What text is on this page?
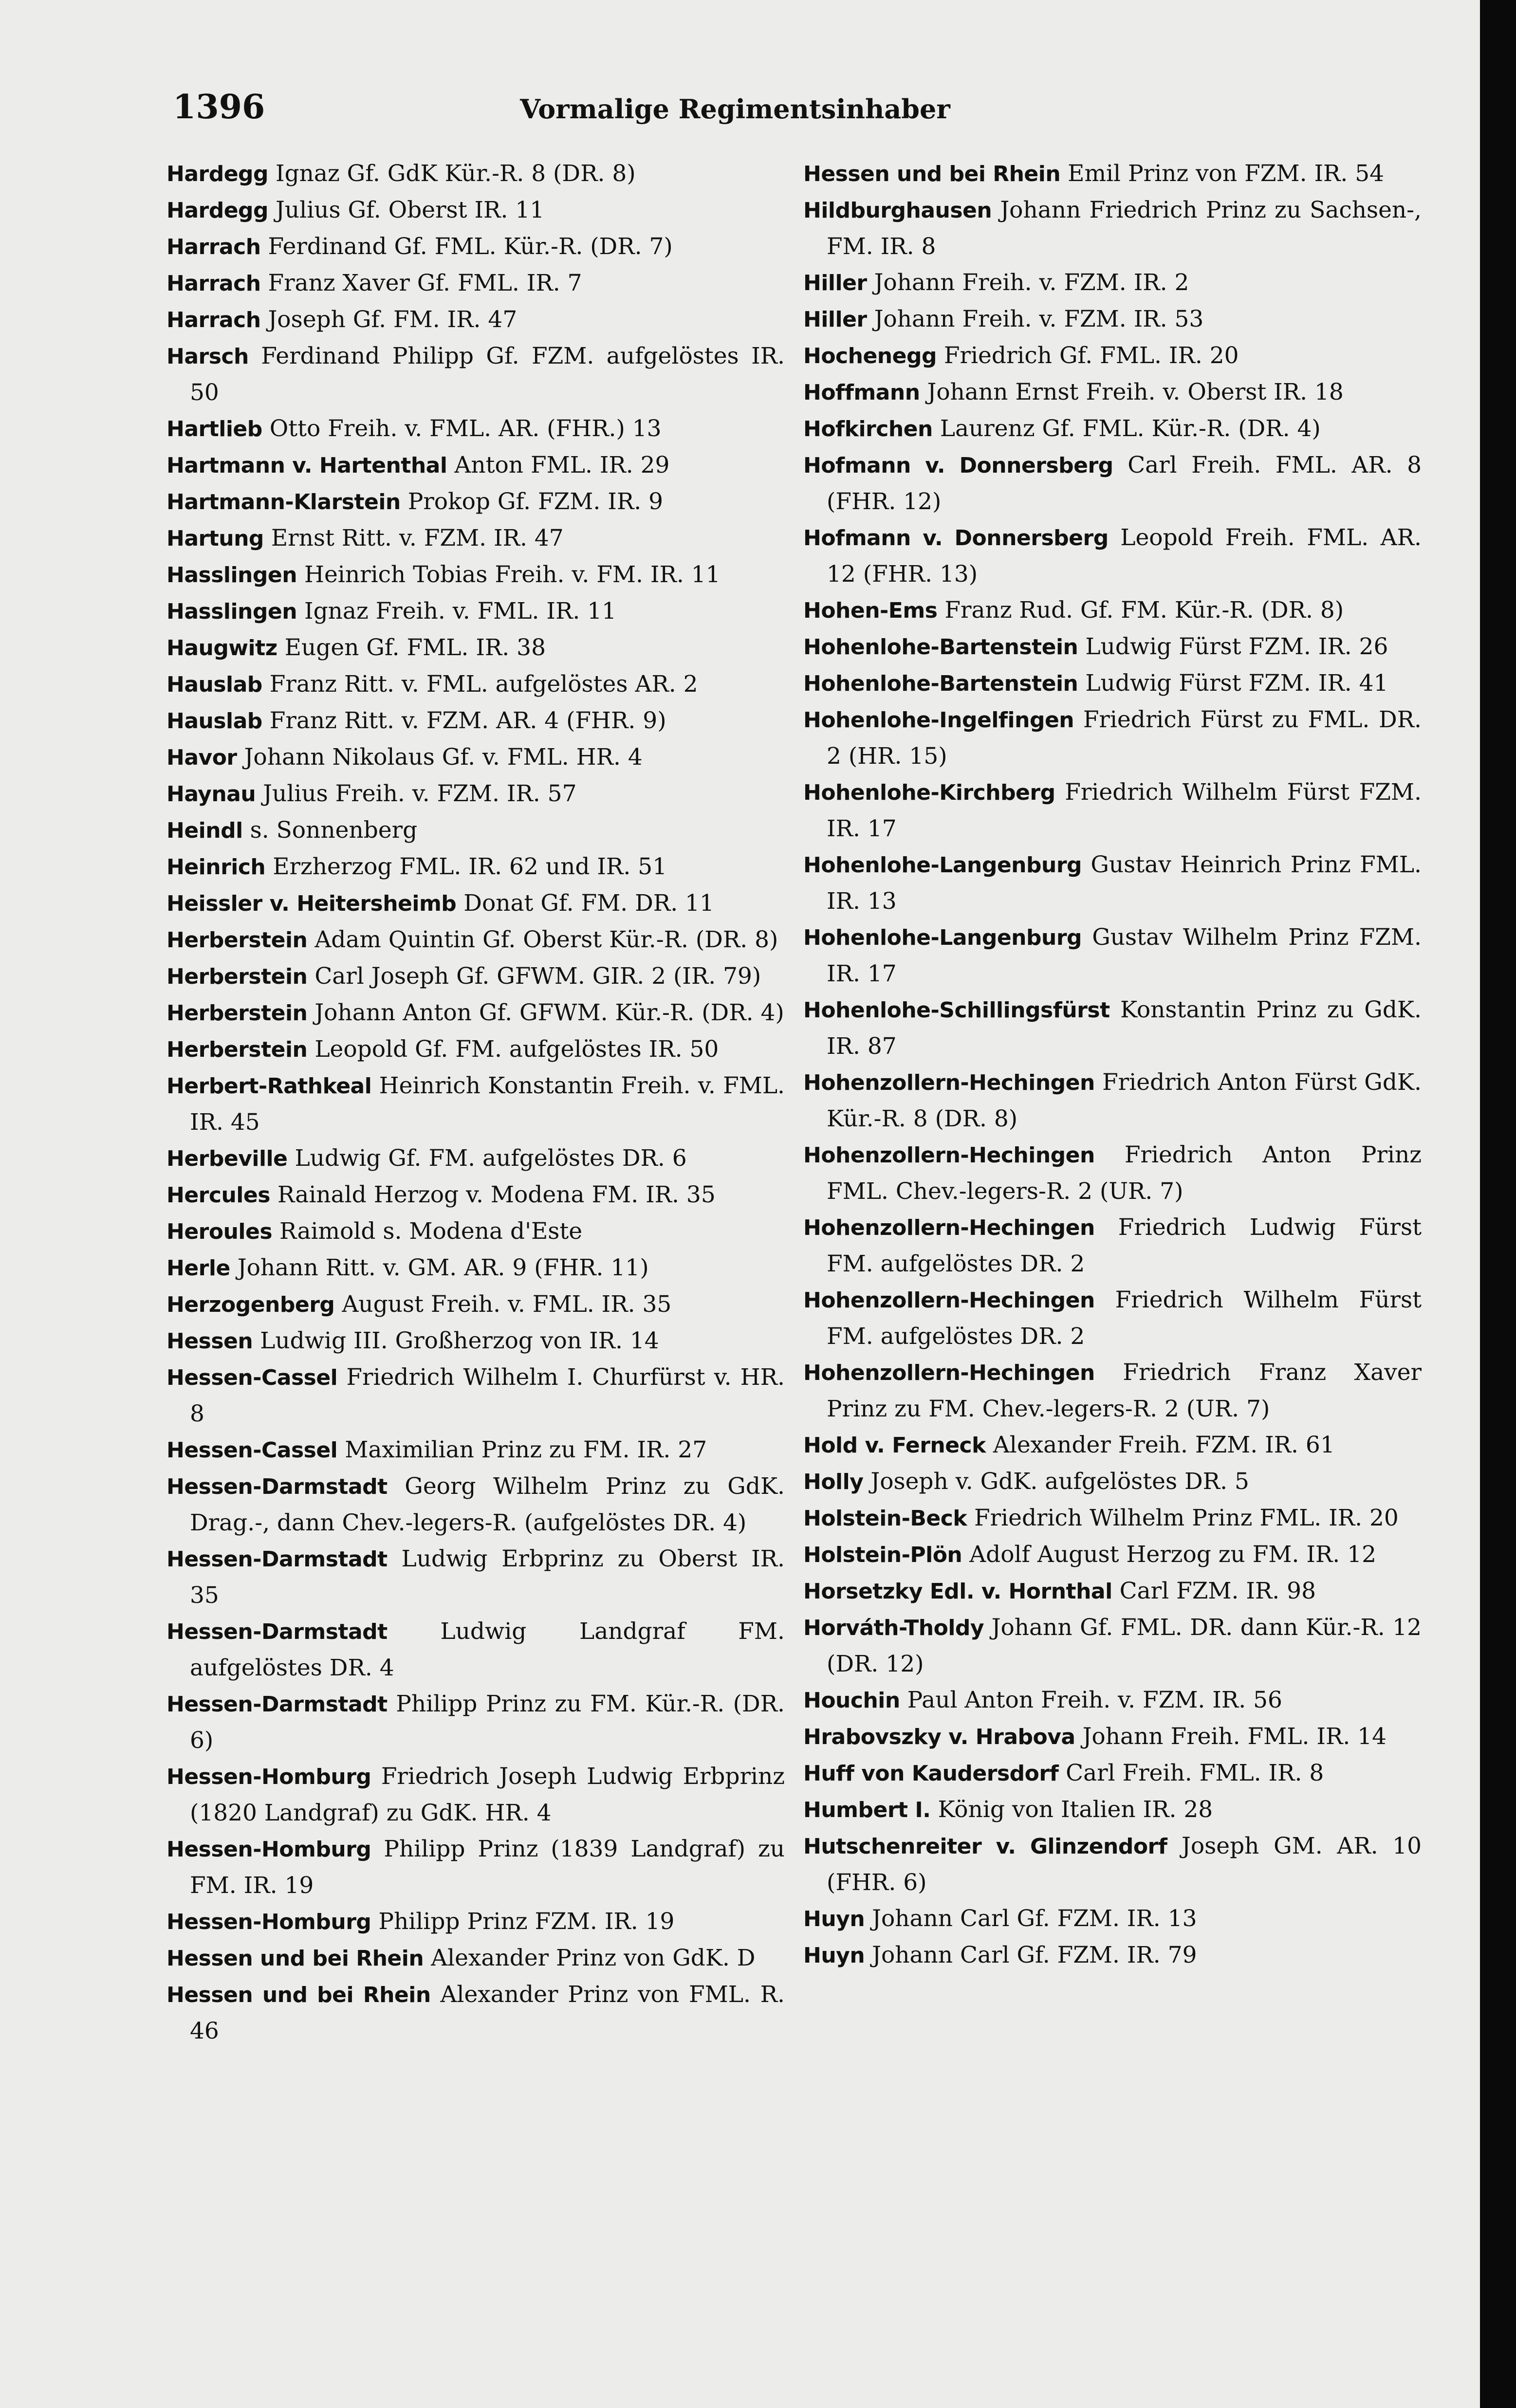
1396	Vormalige Regimentsinhaber
Hardegg Ignaz Gf. GdK Kür.-R. 8 (DR. 8)
Hardegg Julius Gf. Oberst IR. 11
Harrach Ferdinand Gf. FML. Kür.-R. (DR. 7)
Harrach Franz Xaver Gf. FML. IR. 7
Harrach Joseph Gf. FM. IR. 47
Harsch Ferdinand Philipp Gf. FZM. aufgelöstes IR. 50
Hartlieb Otto Freih. v. FML. AR. (FHR.) 13
Hartmann v. Hartenthal Anton FML. IR. 29
Hartmann-Klarstein Prokop Gf. FZM. IR. 9
Hartung Ernst Ritt. v. FZM. IR. 47
Hasslingen Heinrich Tobias Freih. v. FM. IR. 11
Hasslingen Ignaz Freih. v. FML. IR. 11
Haugwitz Eugen Gf. FML. IR. 38
Hauslab Franz Ritt. v. FML. aufgelöstes AR. 2
Hauslab Franz Ritt. v. FZM. AR. 4 (FHR. 9)
Havor Johann Nikolaus Gf. v. FML. HR. 4
Haynau Julius Freih. v. FZM. IR. 57
Heindl s. Sonnenberg
Heinrich Erzherzog FML. IR. 62 und IR. 51
Heissler v. Heitersheimb Donat Gf. FM. DR. 11
Herberstein Adam Quintin Gf. Oberst Kür.-R. (DR. 8)
Herberstein Carl Joseph Gf. GFWM. GIR. 2 (IR. 79)
Herberstein Johann Anton Gf. GFWM. Kür.-R. (DR. 4)
Herberstein Leopold Gf. FM. aufgelöstes IR. 50
Herbert-Rathkeal Heinrich Konstantin Freih. v. FML. IR. 45
Herbeville Ludwig Gf. FM. aufgelöstes DR. 6
Hercules Rainald Herzog v. Modena FM. IR. 35
Heroules Raimold s. Modena d'Este
Herle Johann Ritt. v. GM. AR. 9 (FHR. 11)
Herzogenberg August Freih. v. FML. IR. 35
Hessen Ludwig III. Großherzog von IR. 14
Hessen-Cassel Friedrich Wilhelm I. Churfürst v. HR. 8
Hessen-Cassel Maximilian Prinz zu FM. IR. 27
Hessen-Darmstadt Georg Wilhelm Prinz zu GdK. Drag.-, dann Chev.-legers-R. (aufgelöstes DR. 4)
Hessen-Darmstadt Ludwig Erbprinz zu Oberst IR. 35
Hessen-Darmstadt Ludwig Landgraf FM. aufgelöstes DR. 4
Hessen-Darmstadt Philipp Prinz zu FM. Kür.-R. (DR. 6)
Hessen-Homburg Friedrich Joseph Ludwig Erbprinz (1820 Landgraf) zu GdK. HR. 4
Hessen-Homburg Philipp Prinz (1839 Landgraf) zu FM. IR. 19
Hessen-Homburg Philipp Prinz FZM. IR. 19
Hessen und bei Rhein Alexander Prinz von GdK. D
Hessen und bei Rhein Alexander Prinz von FML. R. 46
Hessen und bei Rhein Emil Prinz von FZM. IR. 54
Hildburghausen Johann Friedrich Prinz zu Sachsen-, FM. IR. 8
Hiller Johann Freih. v. FZM. IR. 2
Hiller Johann Freih. v. FZM. IR. 53
Hochenegg Friedrich Gf. FML. IR. 20
Hoffmann Johann Ernst Freih. v. Oberst IR. 18
Hofkirchen Laurenz Gf. FML. Kür.-R. (DR. 4)
Hofmann v. Donnersberg Carl Freih. FML. AR. 8 (FHR. 12)
Hofmann v. Donnersberg Leopold Freih. FML. AR. 12 (FHR. 13)
Hohen-Ems Franz Rud. Gf. FM. Kür.-R. (DR. 8)
Hohenlohe-Bartenstein Ludwig Fürst FZM. IR. 26
Hohenlohe-Bartenstein Ludwig Fürst FZM. IR. 41
Hohenlohe-Ingelfingen Friedrich Fürst zu FML. DR. 2 (HR. 15)
Hohenlohe-Kirchberg Friedrich Wilhelm Fürst FZM. IR. 17
Hohenlohe-Langenburg Gustav Heinrich Prinz FML. IR. 13
Hohenlohe-Langenburg Gustav Wilhelm Prinz FZM. IR. 17
Hohenlohe-Schillingsfürst Konstantin Prinz zu GdK. IR. 87
Hohenzollern-Hechingen Friedrich Anton Fürst GdK. Kür.-R. 8 (DR. 8)
Hohenzollern-Hechingen Friedrich Anton Prinz FML. Chev.-legers-R. 2 (UR. 7)
Hohenzollern-Hechingen Friedrich Ludwig Fürst FM. aufgelöstes DR. 2
Hohenzollern-Hechingen Friedrich Wilhelm Fürst FM. aufgelöstes DR. 2
Hohenzollern-Hechingen Friedrich Franz Xaver Prinz zu FM. Chev.-legers-R. 2 (UR. 7)
Hold v. Ferneck Alexander Freih. FZM. IR. 61
Holly Joseph v. GdK. aufgelöstes DR. 5
Holstein-Beck Friedrich Wilhelm Prinz FML. IR. 20
Holstein-Plön Adolf August Herzog zu FM. IR. 12
Horsetzky Edl. v. Hornthal Carl FZM. IR. 98
Horváth-Tholdy Johann Gf. FML. DR. dann Kür.-R. 12 (DR. 12)
Houchin Paul Anton Freih. v. FZM. IR. 56
Hrabovszky v. Hrabova Johann Freih. FML. IR. 14
Huff von Kaudersdorf Carl Freih. FML. IR. 8
Humbert I. König von Italien IR. 28
Hutschenreiter v. Glinzendorf Joseph GM. AR. 10 (FHR. 6)
Huyn Johann Carl Gf. FZM. IR. 13
Huyn Johann Carl Gf. FZM. IR. 79
